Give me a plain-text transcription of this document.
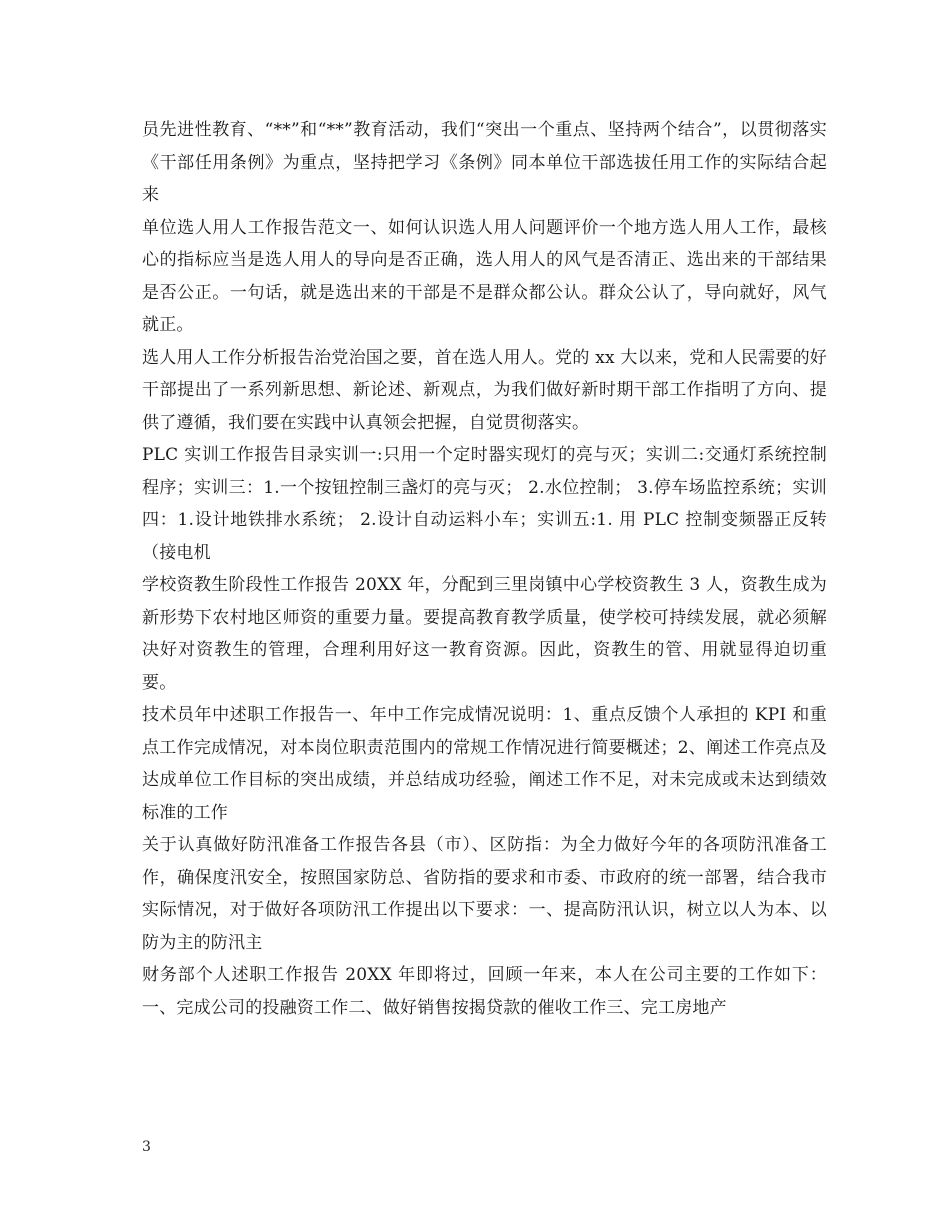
员先进性教育、“**”和“**”教育活动，我们“突出一个重点、坚持两个结合”，以贯彻落实《干部任用条例》为重点，坚持把学习《条例》同本单位干部选拔任用工作的实际结合起来

单位选人用人工作报告范文一、如何认识选人用人问题评价一个地方选人用人工作，最核心的指标应当是选人用人的导向是否正确，选人用人的风气是否清正、选出来的干部结果是否公正。一句话，就是选出来的干部是不是群众都公认。群众公认了，导向就好，风气就正。

选人用人工作分析报告治党治国之要，首在选人用人。党的 xx 大以来，党和人民需要的好干部提出了一系列新思想、新论述、新观点，为我们做好新时期干部工作指明了方向、提供了遵循，我们要在实践中认真领会把握，自觉贯彻落实。

PLC 实训工作报告目录实训一:只用一个定时器实现灯的亮与灭；实训二:交通灯系统控制程序；实训三：1.一个按钮控制三盏灯的亮与灭； 2.水位控制； 3.停车场监控系统；实训四：1.设计地铁排水系统； 2.设计自动运料小车；实训五:1. 用 PLC 控制变频器正反转（接电机

学校资教生阶段性工作报告 20XX 年，分配到三里岗镇中心学校资教生 3 人，资教生成为新形势下农村地区师资的重要力量。要提高教育教学质量，使学校可持续发展，就必须解决好对资教生的管理，合理利用好这一教育资源。因此，资教生的管、用就显得迫切重要。

技术员年中述职工作报告一、年中工作完成情况说明：1、重点反馈个人承担的 KPI 和重点工作完成情况，对本岗位职责范围内的常规工作情况进行简要概述；2、阐述工作亮点及达成单位工作目标的突出成绩，并总结成功经验，阐述工作不足，对未完成或未达到绩效标准的工作

关于认真做好防汛准备工作报告各县（市）、区防指：为全力做好今年的各项防汛准备工作，确保度汛安全，按照国家防总、省防指的要求和市委、市政府的统一部署，结合我市实际情况，对于做好各项防汛工作提出以下要求：一、提高防汛认识，树立以人为本、以防为主的防汛主

财务部个人述职工作报告 20XX 年即将过，回顾一年来，本人在公司主要的工作如下：一、完成公司的投融资工作二、做好销售按揭贷款的催收工作三、完工房地产

3
